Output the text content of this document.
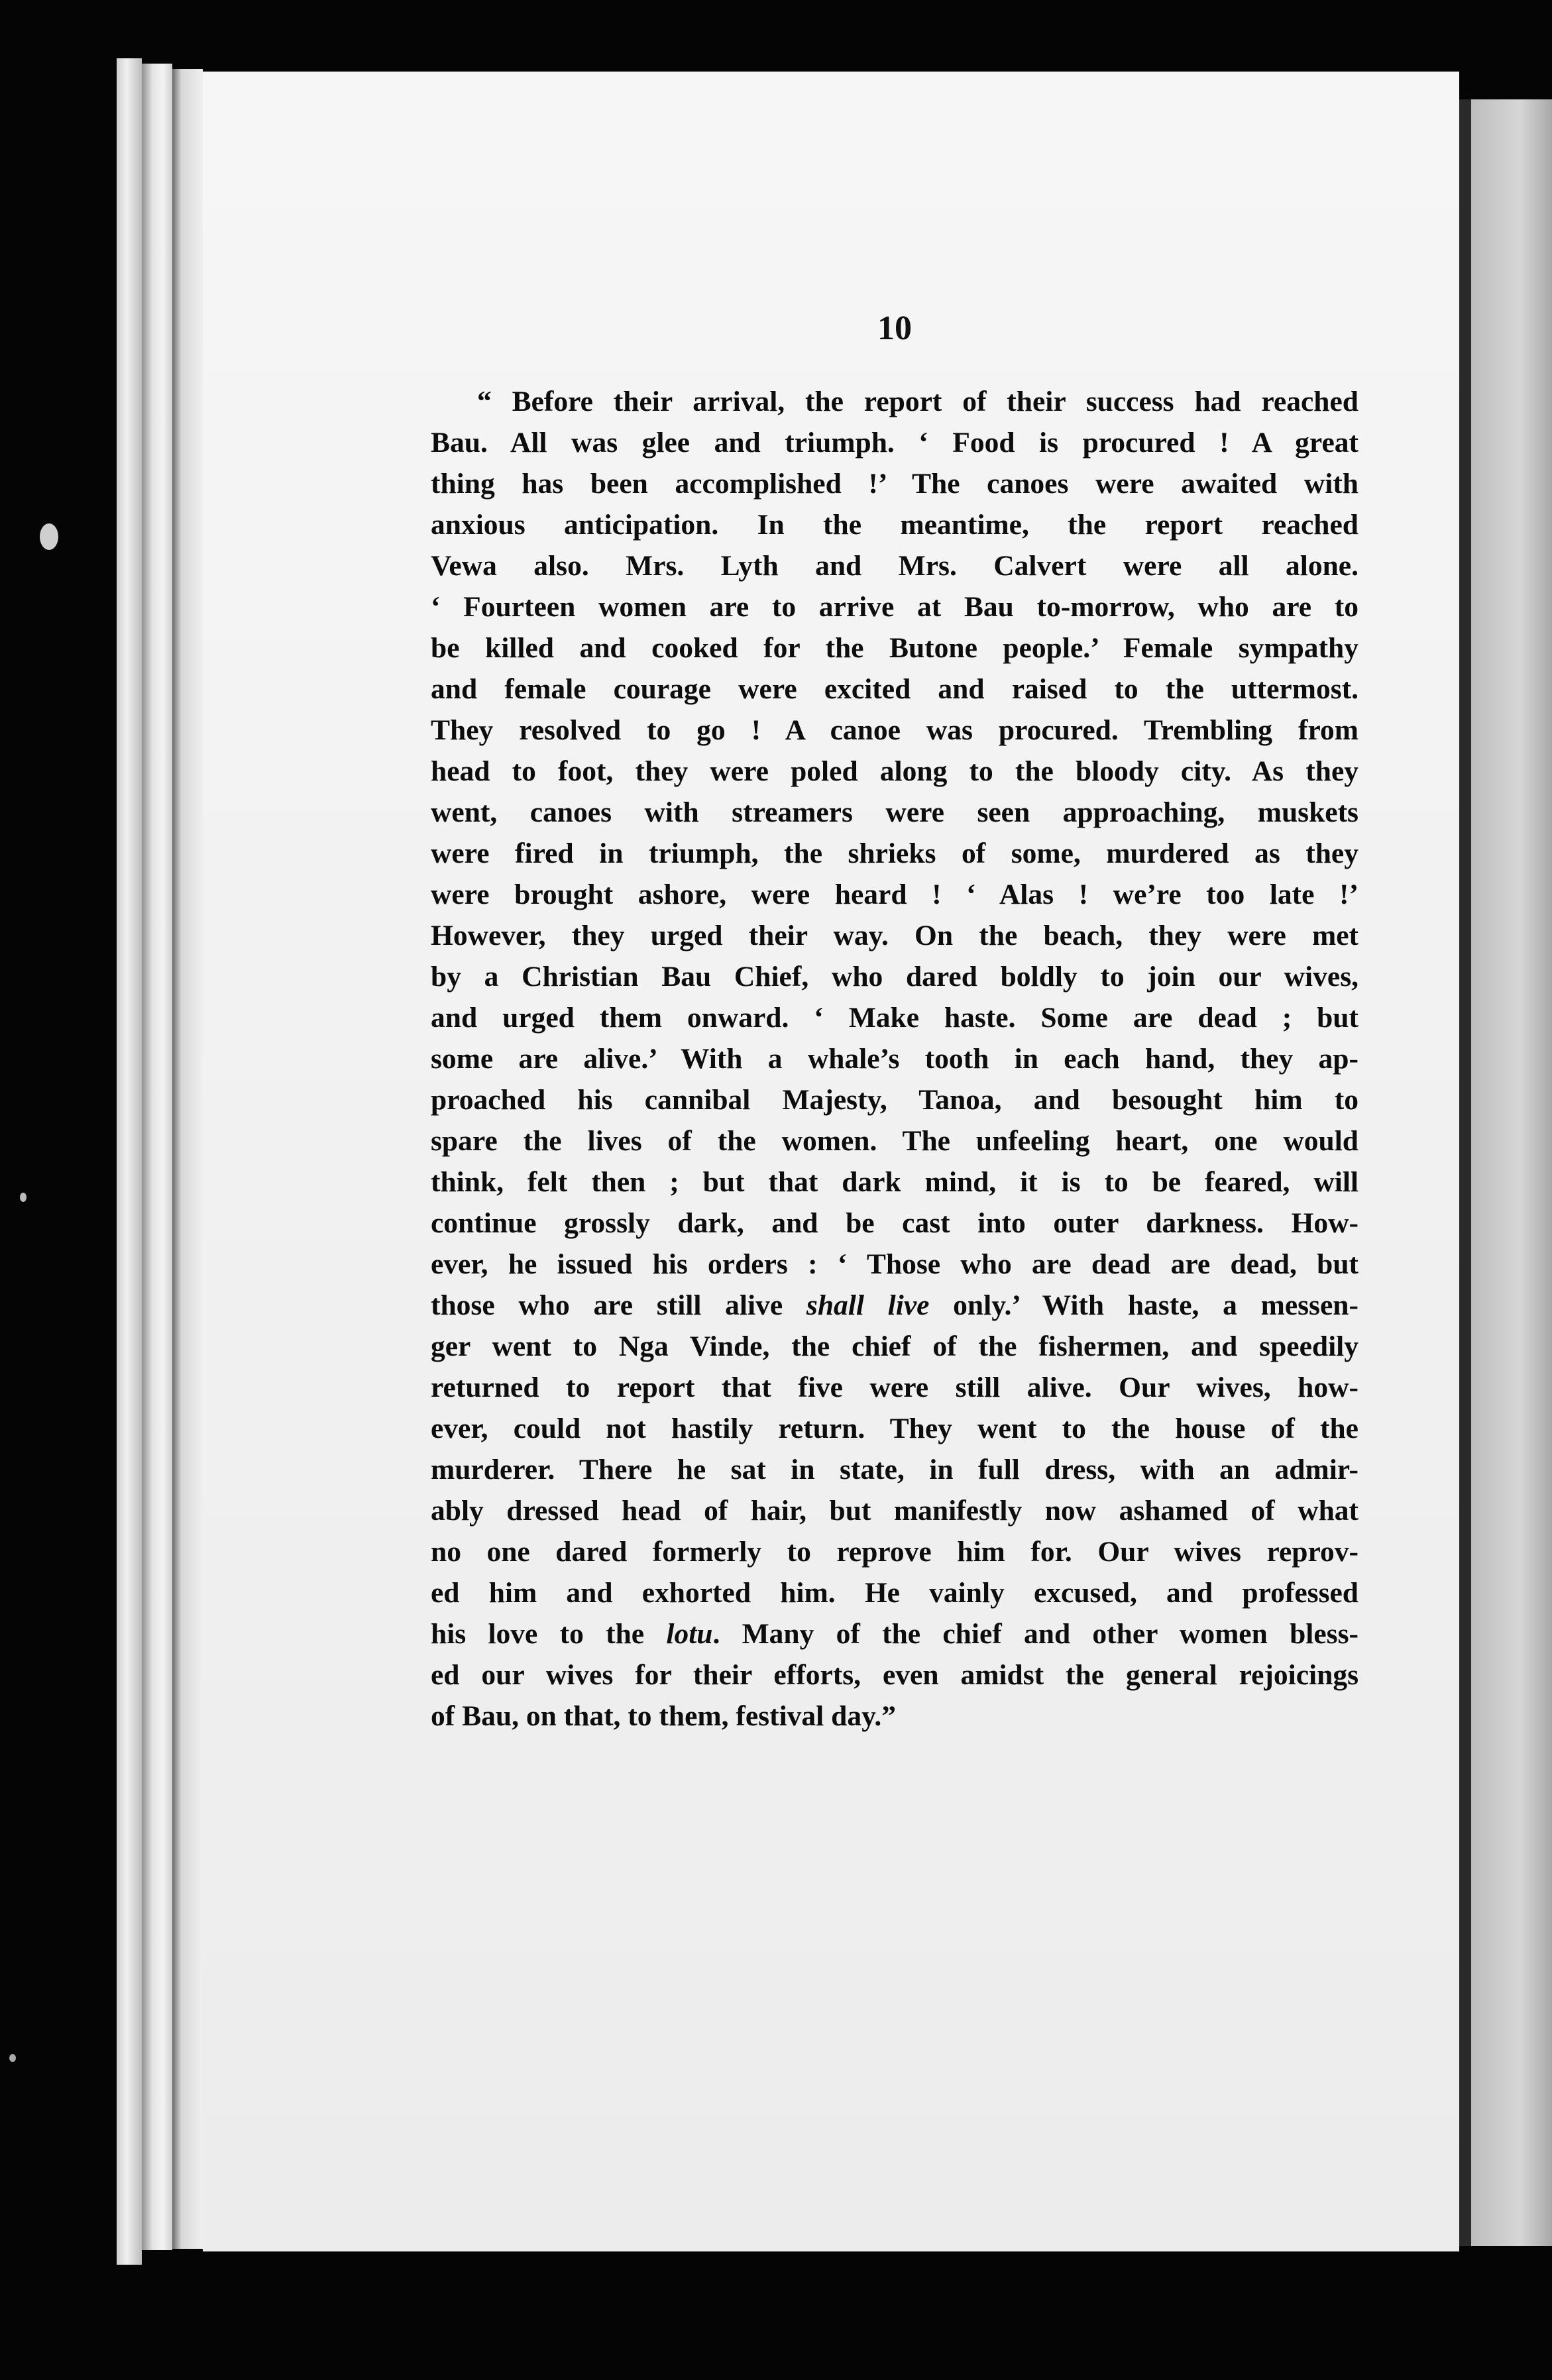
10
“ Before their arrival, the report of their success had reached
Bau. All was glee and triumph. ‘ Food is procured ! A great
thing has been accomplished !’ The canoes were awaited with
anxious anticipation. In the meantime, the report reached
Vewa also. Mrs. Lyth and Mrs. Calvert were all alone.
‘ Fourteen women are to arrive at Bau to-morrow, who are to
be killed and cooked for the Butone people.’ Female sympathy
and female courage were excited and raised to the uttermost.
They resolved to go ! A canoe was procured. Trembling from
head to foot, they were poled along to the bloody city. As they
went, canoes with streamers were seen approaching, muskets
were fired in triumph, the shrieks of some, murdered as they
were brought ashore, were heard ! ‘ Alas ! we’re too late !’
However, they urged their way. On the beach, they were met
by a Christian Bau Chief, who dared boldly to join our wives,
and urged them onward. ‘ Make haste. Some are dead ; but
some are alive.’ With a whale’s tooth in each hand, they ap-
proached his cannibal Majesty, Tanoa, and besought him to
spare the lives of the women. The unfeeling heart, one would
think, felt then ; but that dark mind, it is to be feared, will
continue grossly dark, and be cast into outer darkness. How-
ever, he issued his orders : ‘ Those who are dead are dead, but
those who are still alive shall live only.’ With haste, a messen-
ger went to Nga Vinde, the chief of the fishermen, and speedily
returned to report that five were still alive. Our wives, how-
ever, could not hastily return. They went to the house of the
murderer. There he sat in state, in full dress, with an admir-
ably dressed head of hair, but manifestly now ashamed of what
no one dared formerly to reprove him for. Our wives reprov-
ed him and exhorted him. He vainly excused, and professed
his love to the lotu. Many of the chief and other women bless-
ed our wives for their efforts, even amidst the general rejoicings
of Bau, on that, to them, festival day.”
